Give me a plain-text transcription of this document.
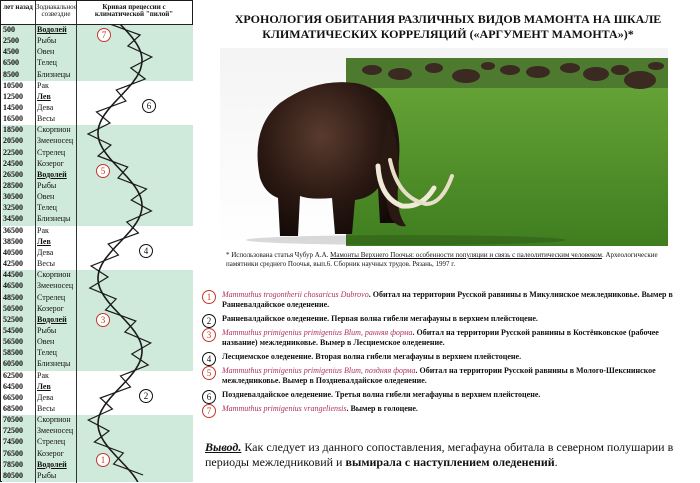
лет назад Зодиакальное созвездие
Кривая прецессии с климатической "пилой"
500	Водолей
2500	Рыбы
4500	Овен
6500	Телец
8500	Близнецы
10500	Рак
12500	Лев
14500	Дева
16500	Весы
18500	Скорпион
20500	Змееносец
22500	Стрелец
24500	Козерог
26500	Водолей
28500	Рыбы
30500	Овен
32500	Телец
34500	Близнецы
36500	Рак
38500	Лев
40500	Дева
42500	Весы
44500	Скорпион
46500	Змееносец
48500	Стрелец
50500	Козерог
52500	Водолей
54500	Рыбы
56500	Овен
58500	Телец
60500	Близнецы
62500	Рак
64500	Лев
66500	Дева
68500	Весы
70500	Скорпион
72500	Змееносец
74500	Стрелец
76500	Козерог
78500	Водолей
80500	Рыбы
7
6
5
4
3
2
1
ХРОНОЛОГИЯ ОБИТАНИЯ РАЗЛИЧНЫХ ВИДОВ МАМОНТА НА ШКАЛЕ КЛИМАТИЧЕСКИХ КОРРЕЛЯЦИЙ («АРГУМЕНТ МАМОНТА»)*
* Использована статья Чубур А.А. Мамонты Верхнего Поочья: особенности популяции и связь с палеолитическим человеком. Археологические памятники среднего Поочья, вып.6. Сборник научных трудов. Рязань, 1997 г.
1	Mammuthus trogontherii chosaricus Dubrovo. Обитал на территории Русской равнины в Микулинское межледниковье. Вымер в Ранневалдайское оледенение.
2	Ранневалдайское оледенение. Первая волна гибели мегафауны в верхнем плейстоцене.
3	Mammuthus primigenius primigenius Blum, ранняя форма. Обитал на территории Русской равнины в Костёнковское (рабочее название) межледниковье. Вымер в Лесциемское оледенение.
4	Лесциемское оледенение. Вторая волна гибели мегафауны в верхнем плейстоцене.
5	Mammuthus primigenius primigenius Blum, поздняя форма. Обитал на территории Русской равнины в Молого-Шекснинское межледниковье. Вымер в Поздневалдайское оледенение.
6	Поздневалдайское оледенение. Третья волна гибели мегафауны в верхнем плейстоцене.
7	Mammuthus primigenius vrangeliensis. Вымер в голоцене.
Вывод. Как следует из данного сопоставления, мегафауна обитала в северном полушарии в периоды межледниковий и вымирала с наступлением оледенений.
